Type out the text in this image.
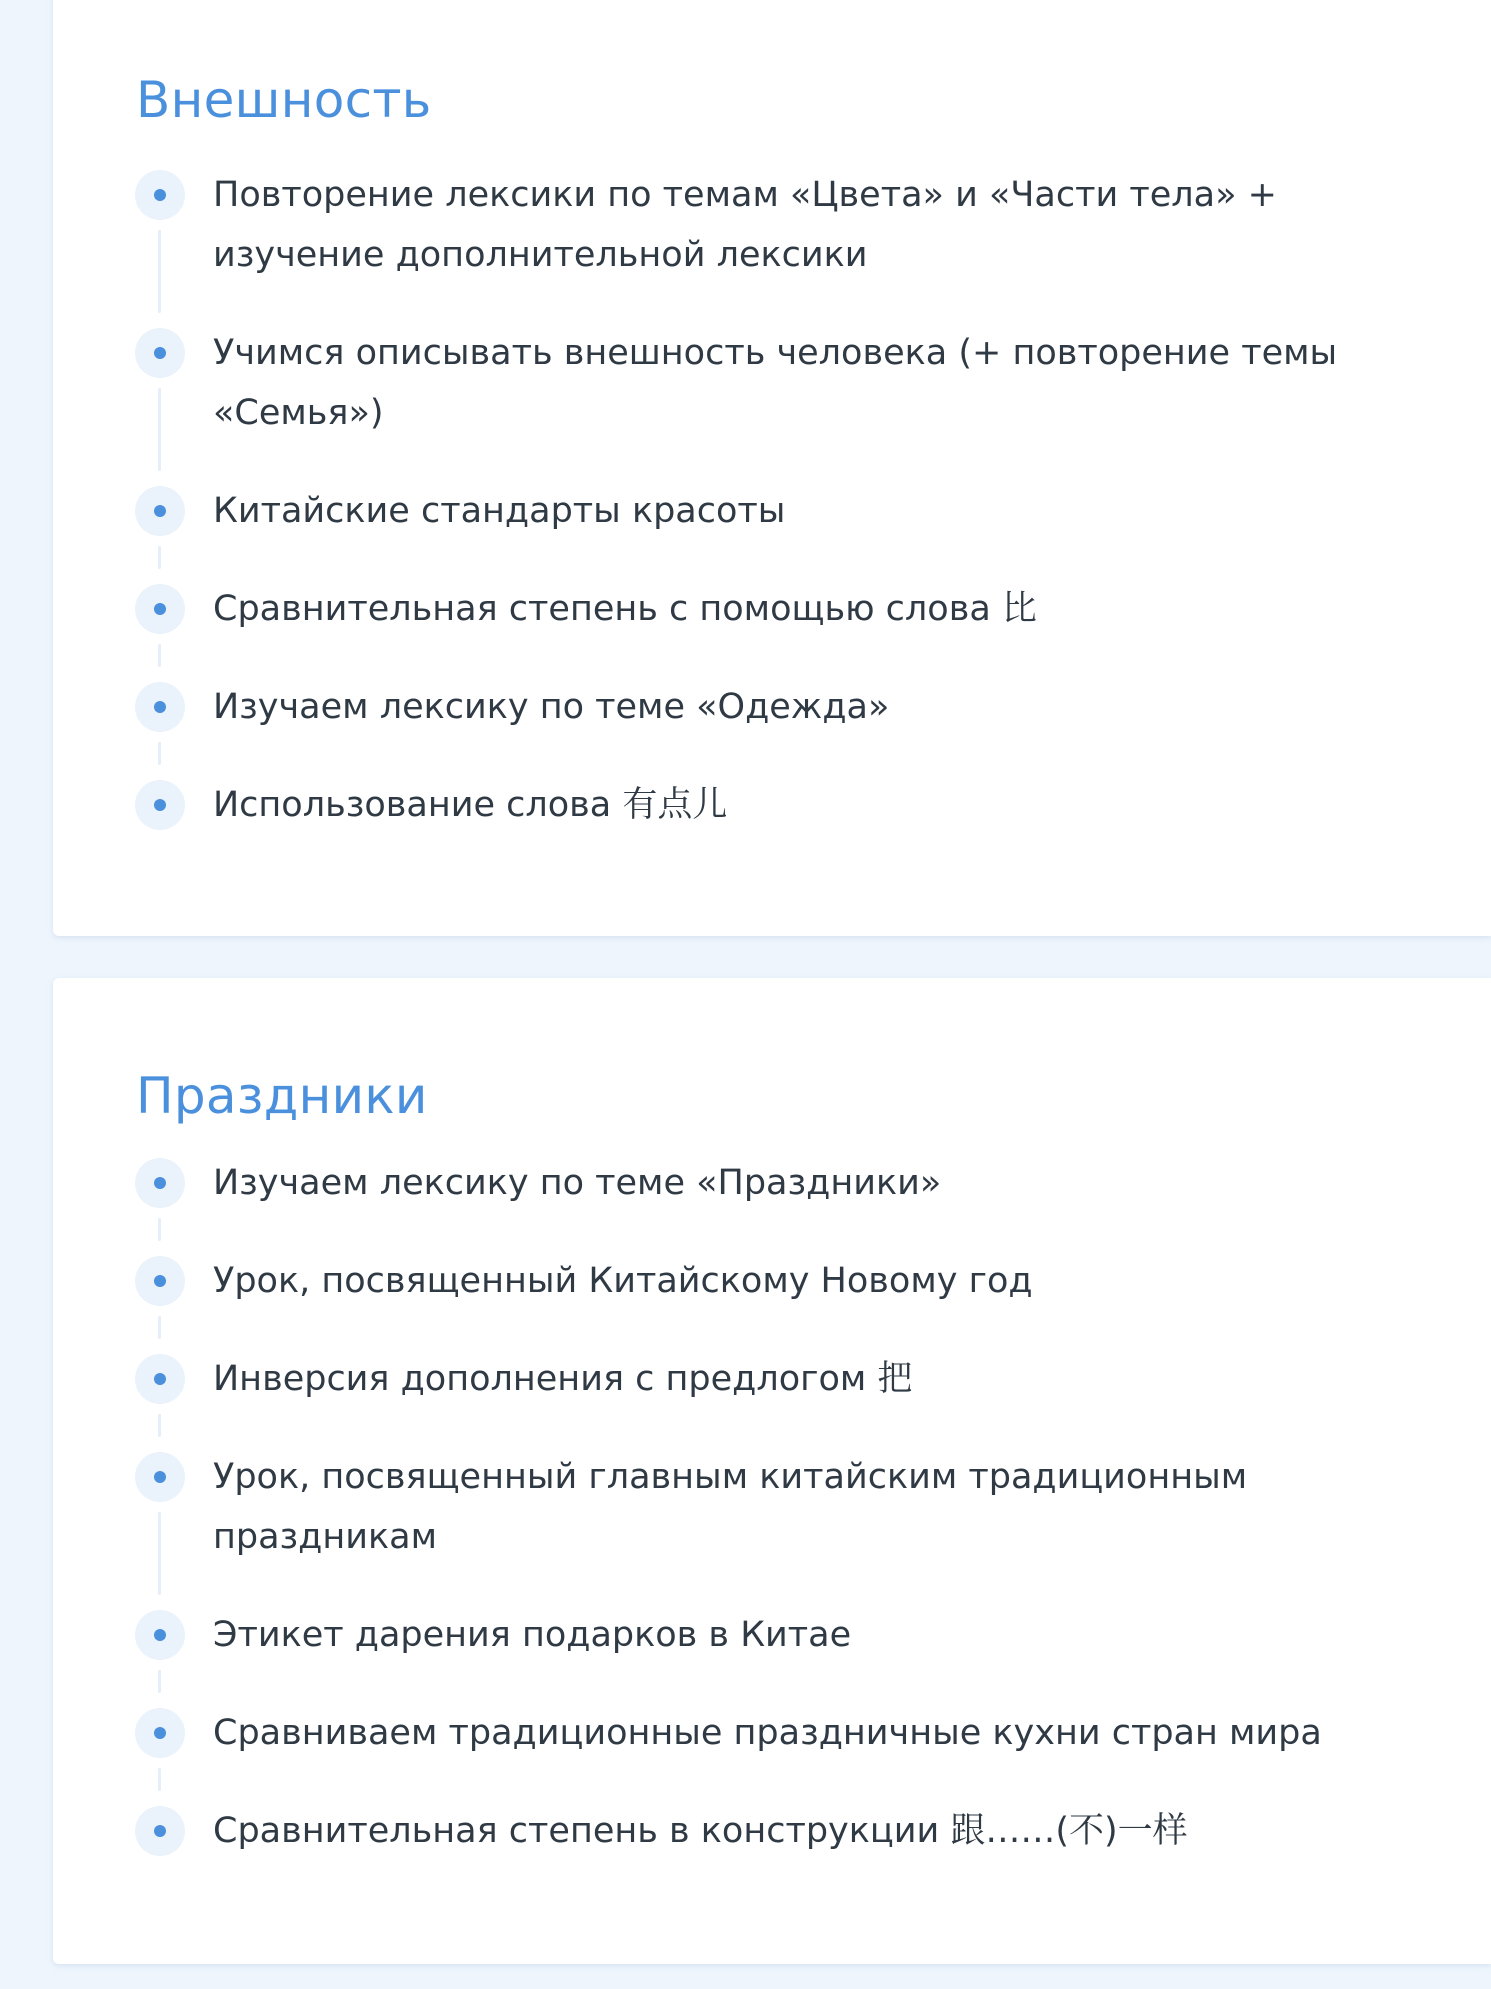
Внешность
Повторение лексики по темам «Цвета» и «Части тела» + изучение дополнительной лексики
Учимся описывать внешность человека (+ повторение темы «Семья»)
Китайские стандарты красоты
Сравнительная степень с помощью слова 比
Изучаем лексику по теме «Одежда»
Использование слова 有点儿
Праздники
Изучаем лексику по теме «Праздники»
Урок, посвященный Китайскому Новому год
Инверсия дополнения с предлогом 把
Урок, посвященный главным китайским традиционным праздникам
Этикет дарения подарков в Китае
Сравниваем традиционные праздничные кухни стран мира
Сравнительная степень в конструкции 跟……(不)一样
